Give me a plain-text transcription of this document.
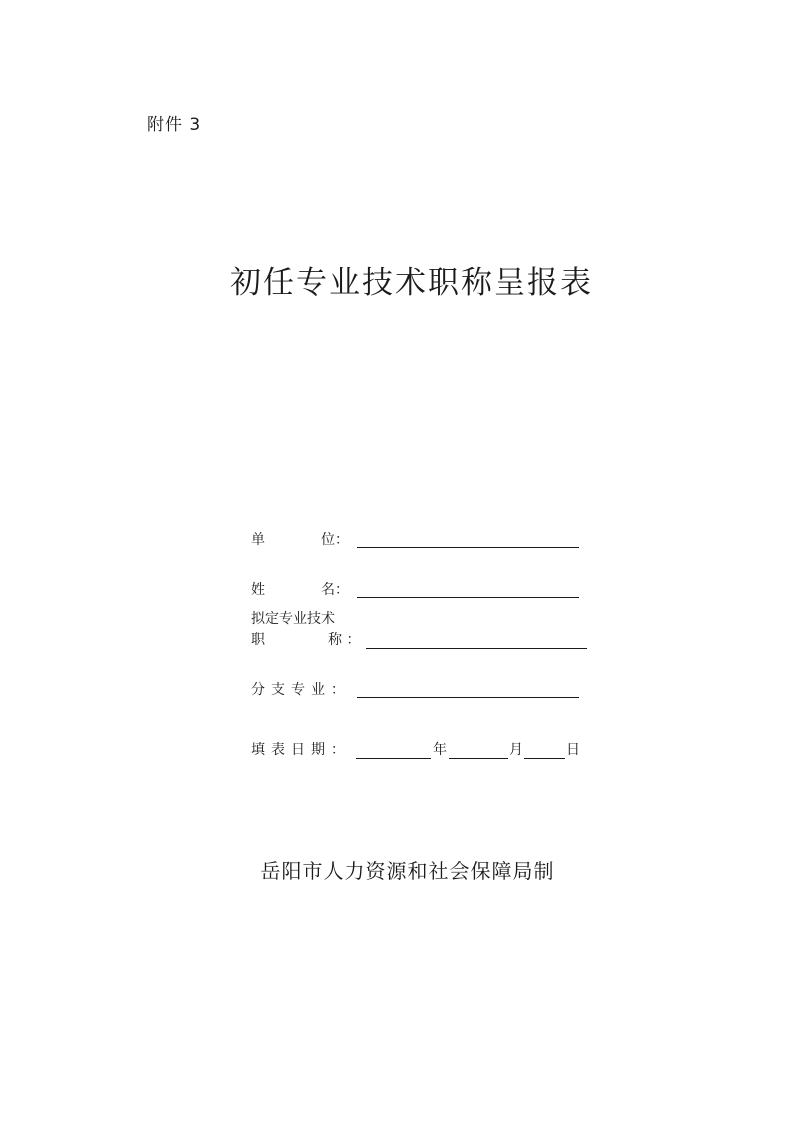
附件 3
初任专业技术职称呈报表
单	位：
姓	名：
拟定专业技术
职	称 ：
分支专业：
填表日期：	年	月	日
岳阳市人力资源和社会保障局制
